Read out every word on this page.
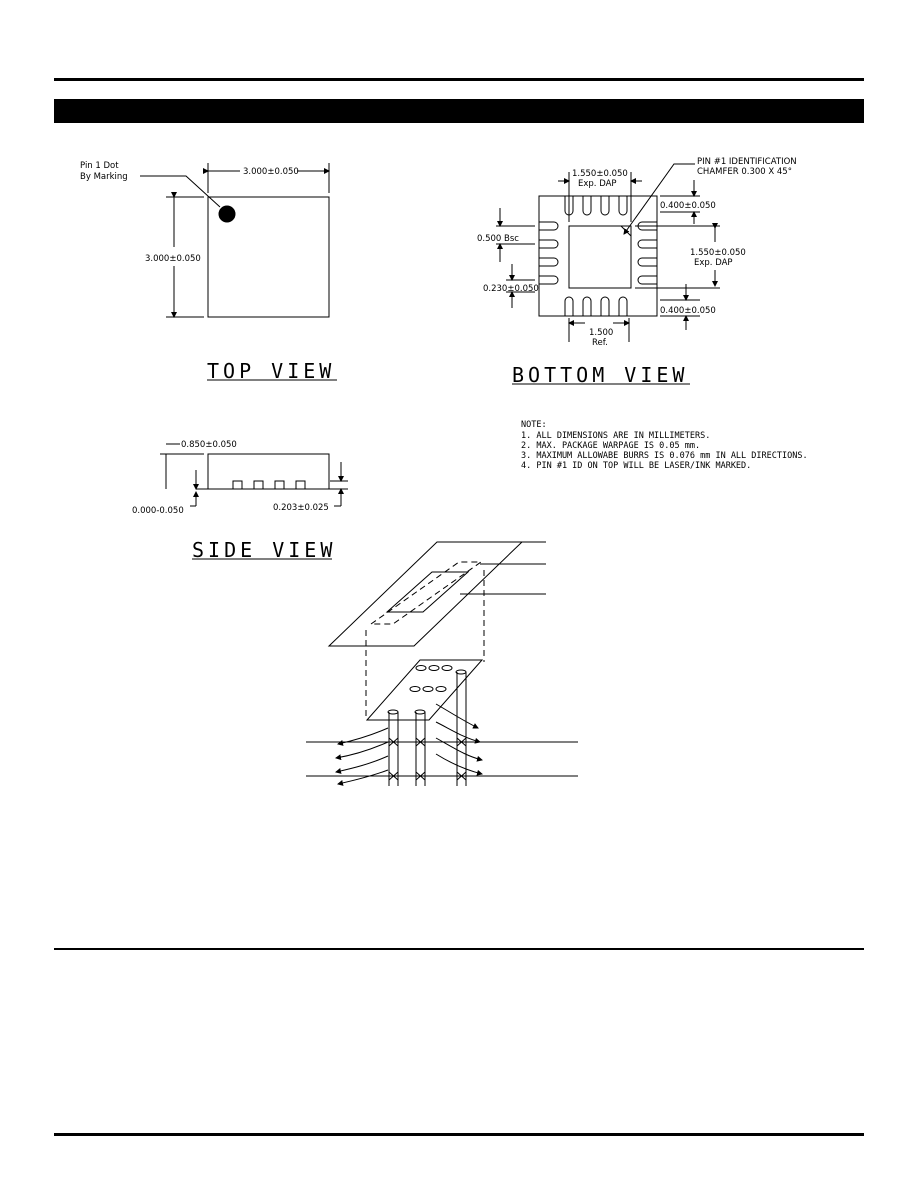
Pin 1 Dot
By Marking	3.000±0.050
3.000±0.050
TOP VIEW
PIN #1 IDENTIFICATION
CHAMFER 0.300 X 45°
1.550±0.050
Exp. DAP
0.400±0.050
1.550±0.050
Exp. DAP
0.500 Bsc
0.230±0.050
0.400±0.050
1.500
Ref.
BOTTOM VIEW
0.850±0.050
0.000-0.050	0.203±0.025
SIDE VIEW
NOTE:
1. ALL DIMENSIONS ARE IN MILLIMETERS.
2. MAX. PACKAGE WARPAGE IS 0.05 mm.
3. MAXIMUM ALLOWABE BURRS IS 0.076 mm IN ALL DIRECTIONS.
4. PIN #1 ID ON TOP WILL BE LASER/INK MARKED.
